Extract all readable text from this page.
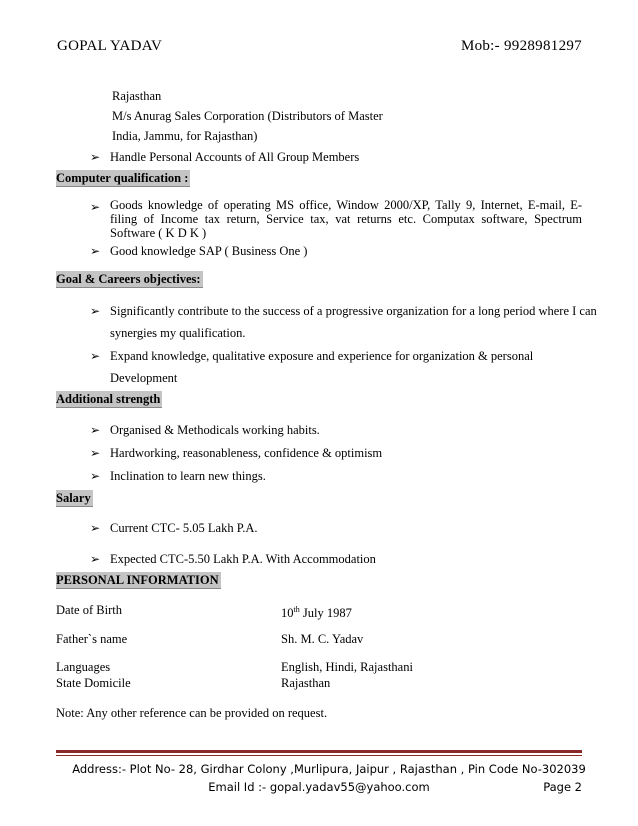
GOPAL YADAV	Mob:- 9928981297
Rajasthan
M/s Anurag Sales Corporation (Distributors of Master
India, Jammu, for Rajasthan)
➢ Handle Personal Accounts of All Group Members
Computer qualification :
➢ Goods knowledge of operating MS office, Window 2000/XP, Tally 9, Internet, E-mail, E-filing of Income tax return, Service tax, vat returns etc. Computax software, Spectrum Software ( K D K )
➢ Good knowledge SAP ( Business One )
Goal & Careers objectives:
➢ Significantly contribute to the success of a progressive organization for a long period where I can
synergies my qualification.
➢ Expand knowledge, qualitative exposure and experience for organization & personal
Development
Additional strength
➢ Organised & Methodicals working habits.
➢ Hardworking, reasonableness, confidence & optimism
➢ Inclination to learn new things.
Salary
➢ Current CTC- 5.05 Lakh P.A.
➢ Expected CTC-5.50 Lakh P.A. With Accommodation
PERSONAL INFORMATION
Date of Birth	10th July 1987
Father`s name	Sh. M. C. Yadav
Languages	English, Hindi, Rajasthani
State Domicile	Rajasthan
Note: Any other reference can be provided on request.
Address:- Plot No- 28, Girdhar Colony ,Murlipura, Jaipur , Rajasthan , Pin Code No-302039
Email Id :- gopal.yadav55@yahoo.com	Page 2
